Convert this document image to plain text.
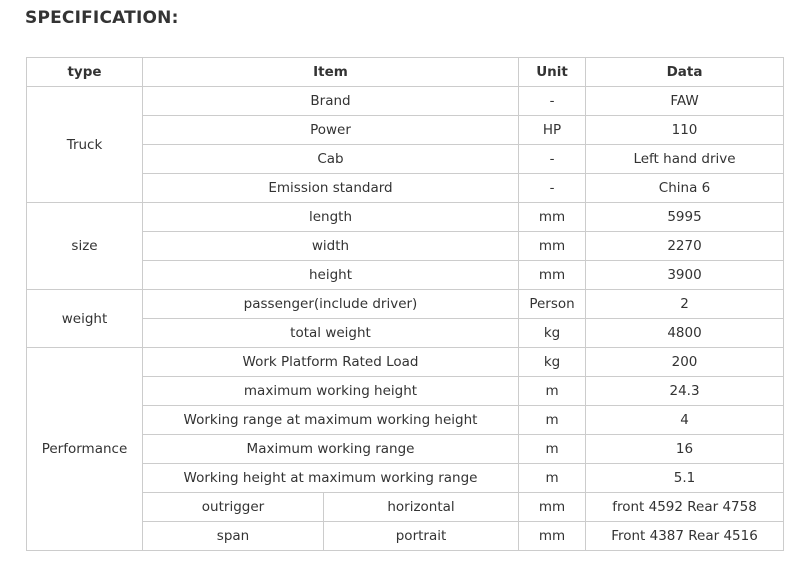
SPECIFICATION:
type	Item		Unit	Data
Truck	Brand		-	FAW
	Power		HP	110
	Cab		-	Left hand drive
	Emission standard		-	China 6
size	length		mm	5995
	width		mm	2270
	height		mm	3900
weight	passenger(include driver)		Person	2
	total weight		kg	4800
Performance	Work Platform Rated Load		kg	200
	maximum working height		m	24.3
	Working range at maximum working height		m	4
	Maximum working range		m	16
	Working height at maximum working range		m	5.1
	outrigger	horizontal	mm	front 4592 Rear 4758
	span	portrait	mm	Front 4387 Rear 4516
